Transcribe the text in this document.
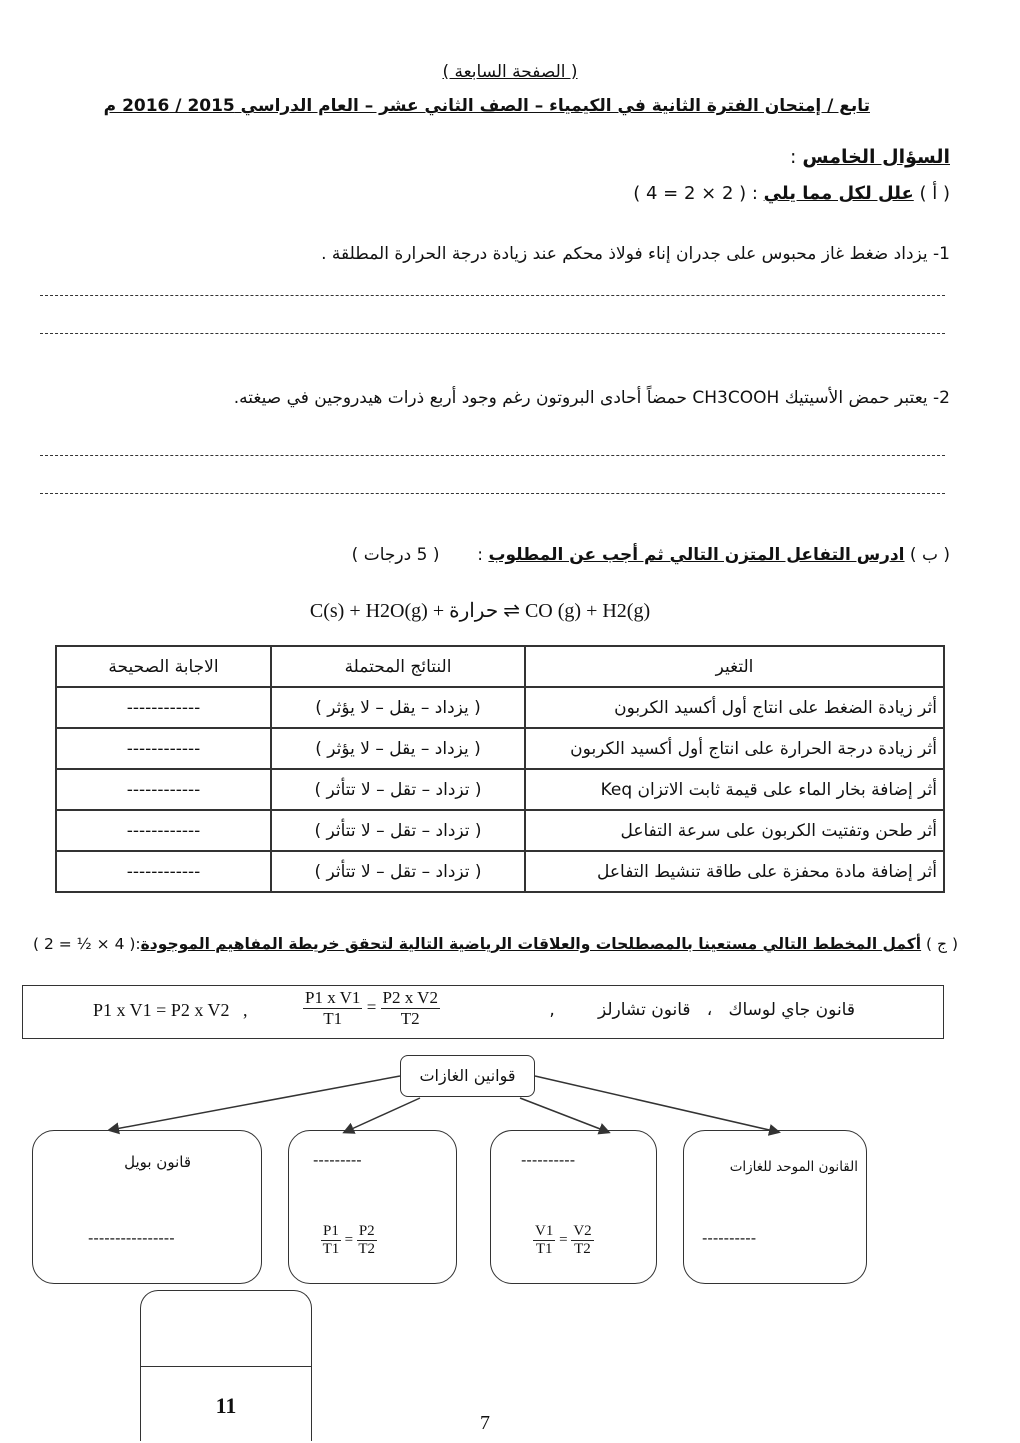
( الصفحة السابعة )
تابع / إمتحان الفترة الثانية في الكيمياء – الصف الثاني عشر – العام الدراسي 2015 / 2016 م
السؤال الخامس :
( أ ) علل لكل مما يلي : ( 2 × 2 = 4 )
1- يزداد ضغط غاز محبوس على جدران إناء فولاذ محكم عند زيادة درجة الحرارة المطلقة .
2- يعتبر حمض الأسيتيك CH3COOH حمضاً أحادى البروتون رغم وجود أربع ذرات هيدروجين في صيغته.
( ب ) ادرس التفاعل المتزن التالي ثم أجب عن المطلوب :       ( 5 درجات )
C(s) + H2O(g) + حرارة ⇌ CO (g) + H2(g)
التغير	النتائج المحتملة	الاجابة الصحيحة
أثر زيادة الضغط على انتاج أول أكسيد الكربون	( يزداد – يقل – لا يؤثر )	------------
أثر زيادة درجة الحرارة على انتاج أول أكسيد الكربون	( يزداد – يقل – لا يؤثر )	------------
أثر إضافة بخار الماء على قيمة ثابت الاتزان Keq	( تزداد – تقل – لا تتأثر )	------------
أثر طحن وتفتيت الكربون على سرعة التفاعل	( تزداد – تقل – لا تتأثر )	------------
أثر إضافة مادة محفزة على طاقة تنشيط التفاعل	( تزداد – تقل – لا تتأثر )	------------
( ج ) أكمل المخطط التالي مستعينا بالمصطلحات والعلاقات الرياضية التالية لتحقق خريطة المفاهيم الموجودة:( 4 × ½ = 2 )
قانون جاي لوساك   ،   قانون تشارلز        ,
$\frac{\text{P1 x V1}}{T1} = \frac{\text{P2 x V2}}{T2}$
P1 x V1 = P2 x V2 ,
قوانين الغازات
القانون الموحد للغازات
----------
----------
$\frac{V1}{T1} = \frac{V2}{T2}$
---------
$\frac{P1}{T1} = \frac{P2}{T2}$
قانون بويل
----------------
11
7
